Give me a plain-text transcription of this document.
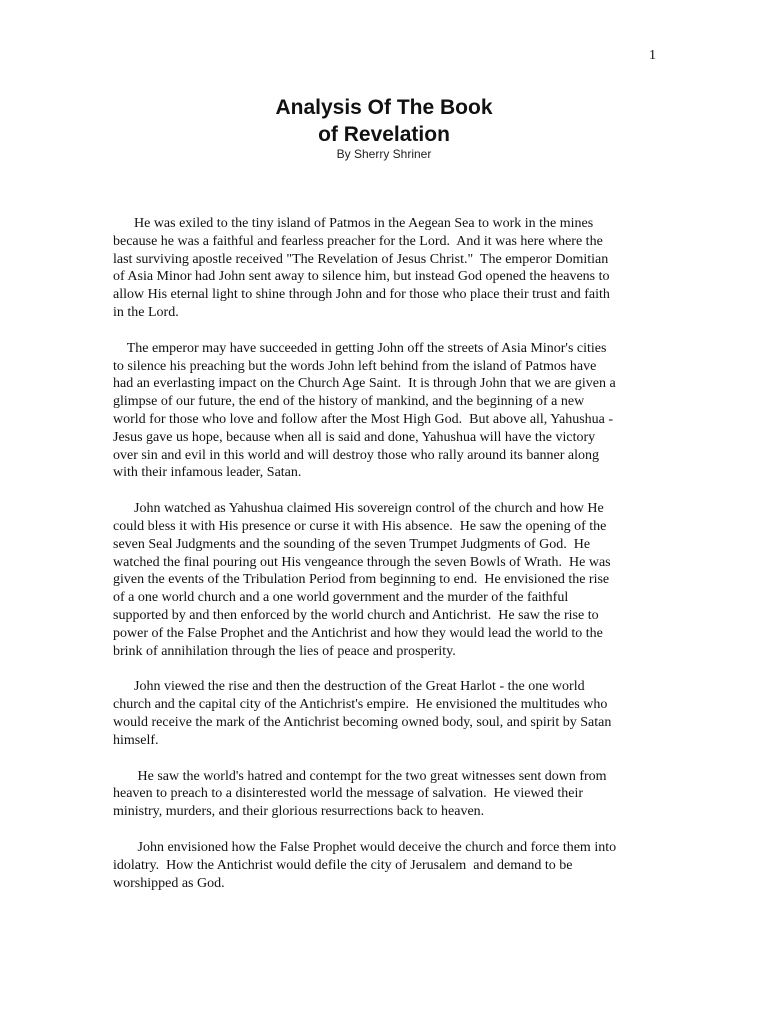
1
Analysis Of The Book
of Revelation
By Sherry Shriner

He was exiled to the tiny island of Patmos in the Aegean Sea to work in the mines
because he was a faithful and fearless preacher for the Lord.  And it was here where the
last surviving apostle received "The Revelation of Jesus Christ."  The emperor Domitian
of Asia Minor had John sent away to silence him, but instead God opened the heavens to
allow His eternal light to shine through John and for those who place their trust and faith
in the Lord.

The emperor may have succeeded in getting John off the streets of Asia Minor's cities
to silence his preaching but the words John left behind from the island of Patmos have
had an everlasting impact on the Church Age Saint.  It is through John that we are given a
glimpse of our future, the end of the history of mankind, and the beginning of a new
world for those who love and follow after the Most High God.  But above all, Yahushua -
Jesus gave us hope, because when all is said and done, Yahushua will have the victory
over sin and evil in this world and will destroy those who rally around its banner along
with their infamous leader, Satan.

John watched as Yahushua claimed His sovereign control of the church and how He
could bless it with His presence or curse it with His absence.  He saw the opening of the
seven Seal Judgments and the sounding of the seven Trumpet Judgments of God.  He
watched the final pouring out His vengeance through the seven Bowls of Wrath.  He was
given the events of the Tribulation Period from beginning to end.  He envisioned the rise
of a one world church and a one world government and the murder of the faithful
supported by and then enforced by the world church and Antichrist.  He saw the rise to
power of the False Prophet and the Antichrist and how they would lead the world to the
brink of annihilation through the lies of peace and prosperity.

John viewed the rise and then the destruction of the Great Harlot - the one world
church and the capital city of the Antichrist's empire.  He envisioned the multitudes who
would receive the mark of the Antichrist becoming owned body, soul, and spirit by Satan
himself.

He saw the world's hatred and contempt for the two great witnesses sent down from
heaven to preach to a disinterested world the message of salvation.  He viewed their
ministry, murders, and their glorious resurrections back to heaven.

John envisioned how the False Prophet would deceive the church and force them into
idolatry.  How the Antichrist would defile the city of Jerusalem  and demand to be
worshipped as God.
